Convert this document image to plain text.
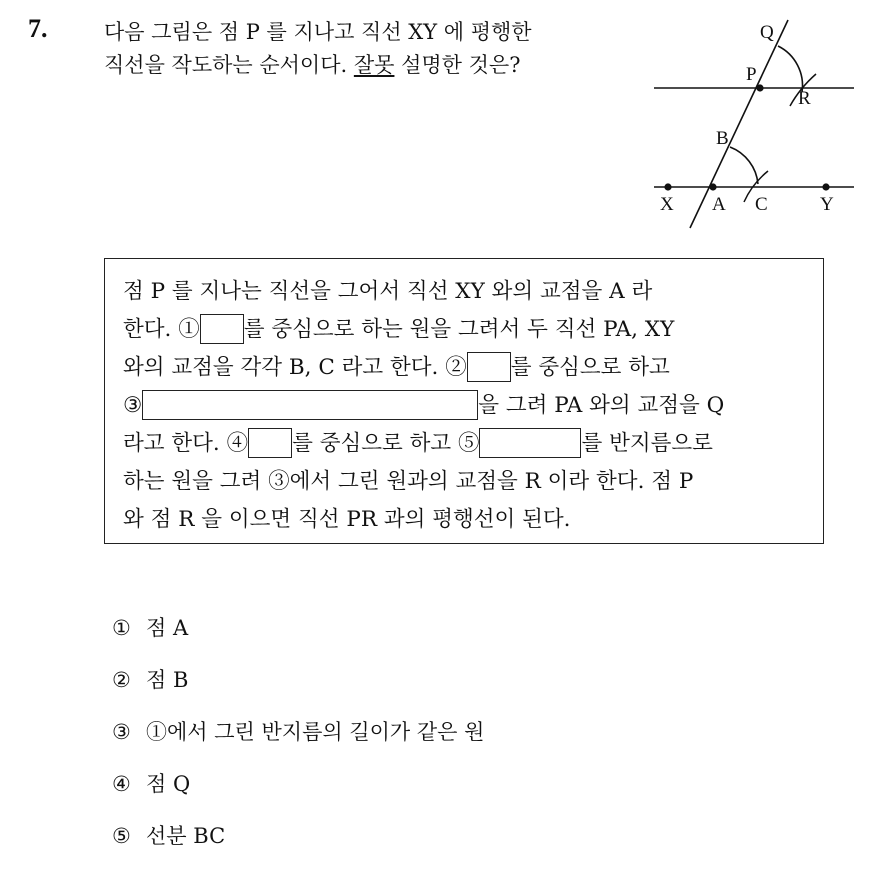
7.	다음 그림은 점 P 를 지나고 직선 XY 에 평행한
직선을 작도하는 순서이다. 잘못 설명한 것은?
Q
P
R
B
X A C	Y
점 P 를 지나는 직선을 그어서 직선 XY 와의 교점을 A 라
한다. ① 를 중심으로 하는 원을 그려서 두 직선 PA, XY
와의 교점을 각각 B, C 라고 한다. ② 를 중심으로 하고
③	을 그려 PA 와의 교점을 Q
라고 한다. ④ 를 중심으로 하고 ⑤	를 반지름으로
하는 원을 그려 ③에서 그린 원과의 교점을 R 이라 한다. 점 P
와 점 R 을 이으면 직선 PR 과의 평행선이 된다.
① 점 A
② 점 B
③ ①에서 그린 반지름의 길이가 같은 원
④ 점 Q
⑤ 선분 BC
